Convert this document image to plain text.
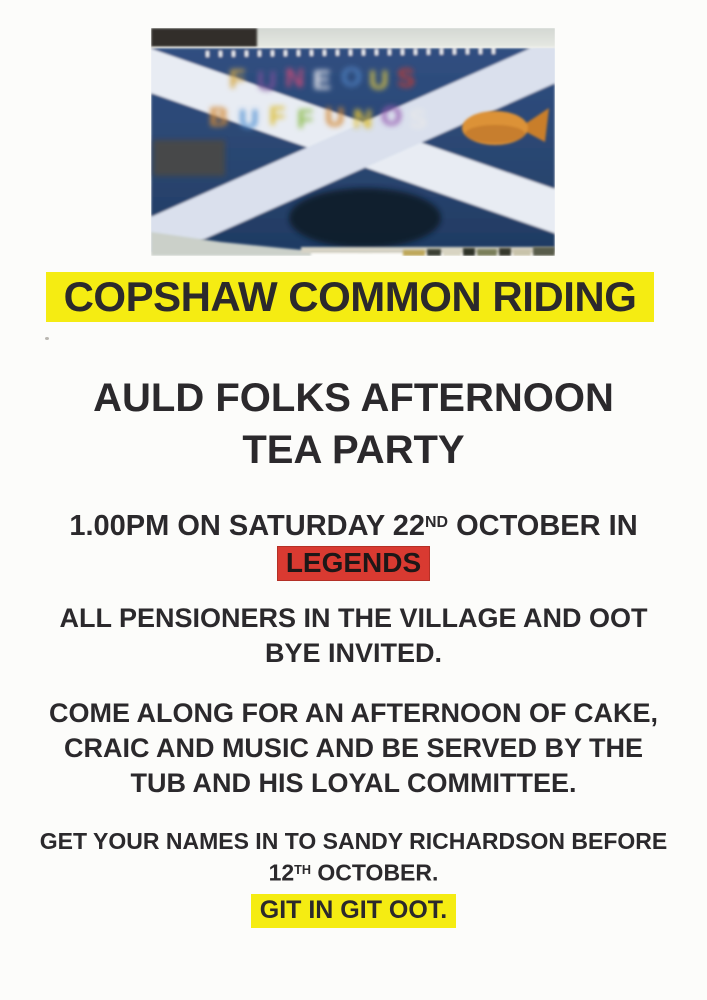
F U N E O U S
B U F F U N O S
COPSHAW COMMON RIDING
AULD FOLKS AFTERNOON
TEA PARTY
1.00PM ON SATURDAY 22ND OCTOBER IN
LEGENDS
ALL PENSIONERS IN THE VILLAGE AND OOT
BYE INVITED.
COME ALONG FOR AN AFTERNOON OF CAKE,
CRAIC AND MUSIC AND BE SERVED BY THE
TUB AND HIS LOYAL COMMITTEE.
GET YOUR NAMES IN TO SANDY RICHARDSON BEFORE
12TH OCTOBER.
GIT IN GIT OOT.
